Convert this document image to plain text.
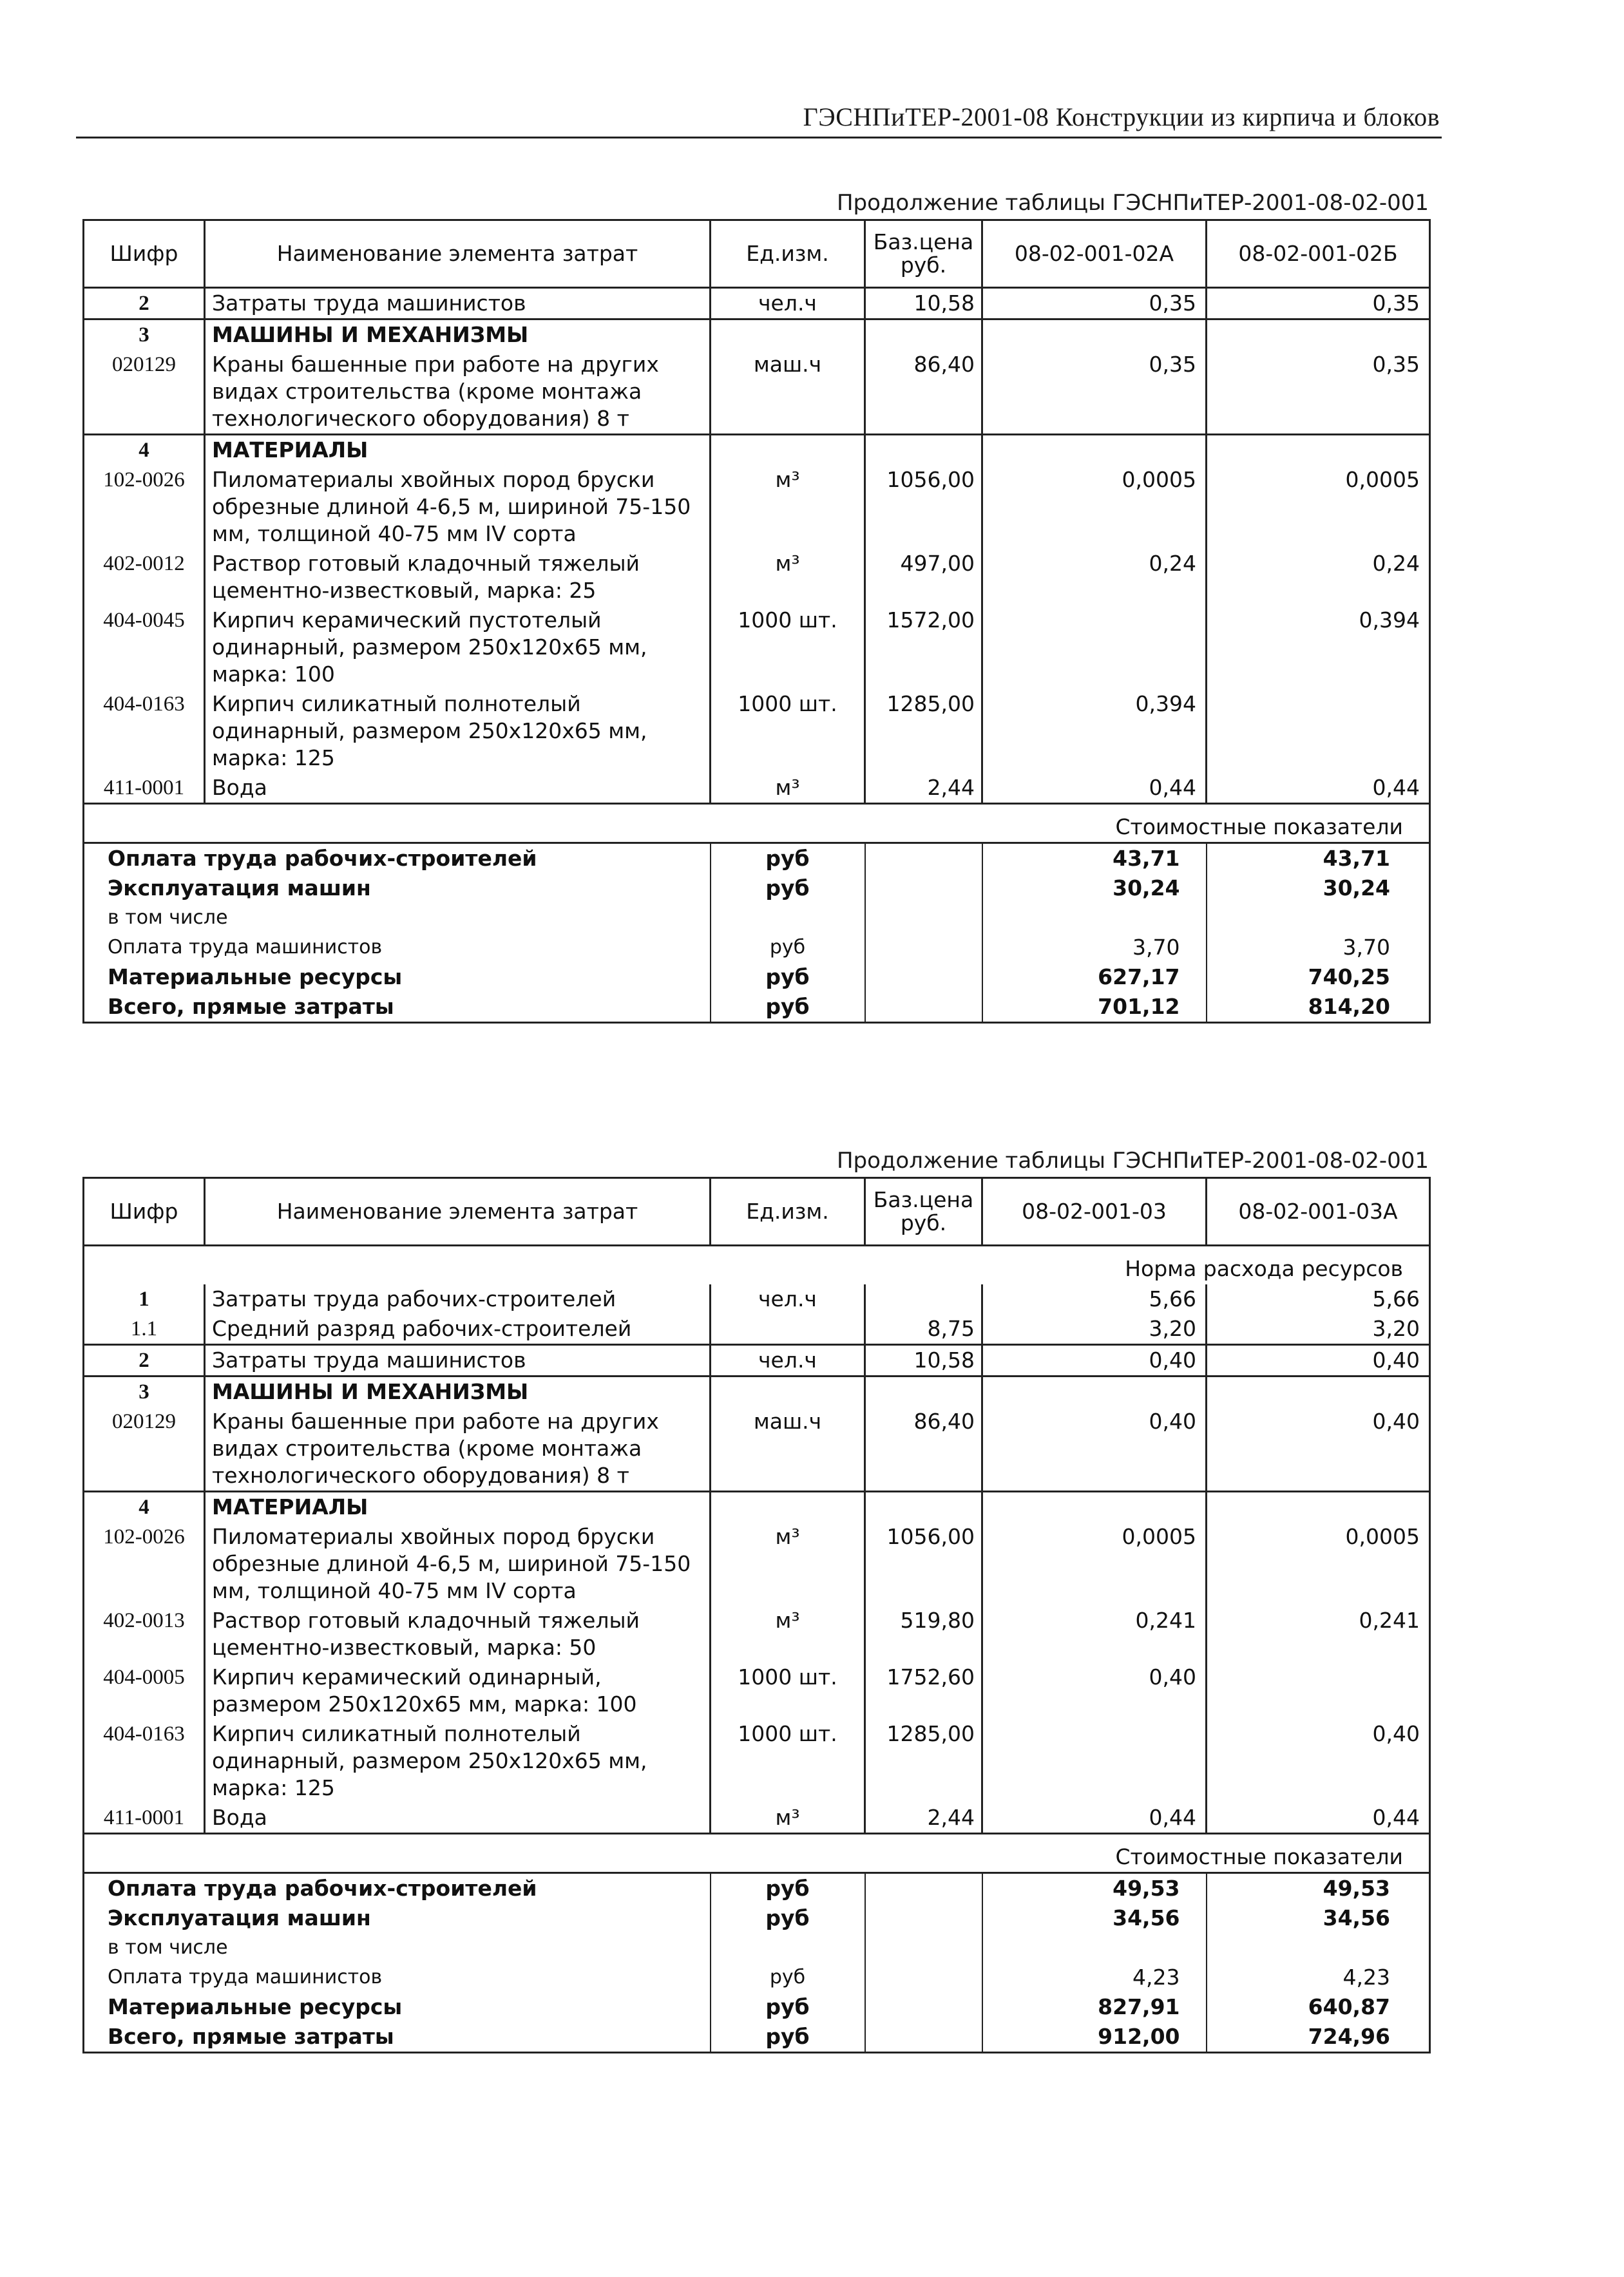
ГЭСНПиТЕР-2001-08 Конструкции из кирпича и блоков
Продолжение таблицы ГЭСНПиТЕР-2001-08-02-001
Шифр	Наименование элемента затрат	Ед.изм.	Баз.цена руб.	08-02-001-02А	08-02-001-02Б
2	Затраты труда машинистов	чел.ч	10,58	0,35	0,35
3	МАШИНЫ И МЕХАНИЗМЫ				
020129	Краны башенные при работе на других видах строительства (кроме монтажа технологического оборудования) 8 т	маш.ч	86,40	0,35	0,35
4	МАТЕРИАЛЫ				
102-0026	Пиломатериалы хвойных пород бруски обрезные длиной 4-6,5 м, шириной 75-150 мм, толщиной 40-75 мм IV сорта	м³	1056,00	0,0005	0,0005
402-0012	Раствор готовый кладочный тяжелый цементно-известковый, марка: 25	м³	497,00	0,24	0,24
404-0045	Кирпич керамический пустотелый одинарный, размером 250х120х65 мм, марка: 100	1000 шт.	1572,00		0,394
404-0163	Кирпич силикатный полнотелый одинарный, размером 250х120х65 мм, марка: 125	1000 шт.	1285,00	0,394	
411-0001	Вода	м³	2,44	0,44	0,44
Стоимостные показатели					
Оплата труда рабочих-строителей		руб		43,71	43,71
Эксплуатация машин		руб		30,24	30,24
в том числе					
Оплата труда машинистов		руб		3,70	3,70
Материальные ресурсы		руб		627,17	740,25
Всего, прямые затраты		руб		701,12	814,20
Продолжение таблицы ГЭСНПиТЕР-2001-08-02-001
Шифр	Наименование элемента затрат	Ед.изм.	Баз.цена руб.	08-02-001-03	08-02-001-03А
Норма расхода ресурсов					
1	Затраты труда рабочих-строителей	чел.ч		5,66	5,66
1.1	Средний разряд рабочих-строителей		8,75	3,20	3,20
2	Затраты труда машинистов	чел.ч	10,58	0,40	0,40
3	МАШИНЫ И МЕХАНИЗМЫ				
020129	Краны башенные при работе на других видах строительства (кроме монтажа технологического оборудования) 8 т	маш.ч	86,40	0,40	0,40
4	МАТЕРИАЛЫ				
102-0026	Пиломатериалы хвойных пород бруски обрезные длиной 4-6,5 м, шириной 75-150 мм, толщиной 40-75 мм IV сорта	м³	1056,00	0,0005	0,0005
402-0013	Раствор готовый кладочный тяжелый цементно-известковый, марка: 50	м³	519,80	0,241	0,241
404-0005	Кирпич керамический одинарный, размером 250х120х65 мм, марка: 100	1000 шт.	1752,60	0,40	
404-0163	Кирпич силикатный полнотелый одинарный, размером 250х120х65 мм, марка: 125	1000 шт.	1285,00		0,40
411-0001	Вода	м³	2,44	0,44	0,44
Стоимостные показатели					
Оплата труда рабочих-строителей		руб		49,53	49,53
Эксплуатация машин		руб		34,56	34,56
в том числе					
Оплата труда машинистов		руб		4,23	4,23
Материальные ресурсы		руб		827,91	640,87
Всего, прямые затраты		руб		912,00	724,96
